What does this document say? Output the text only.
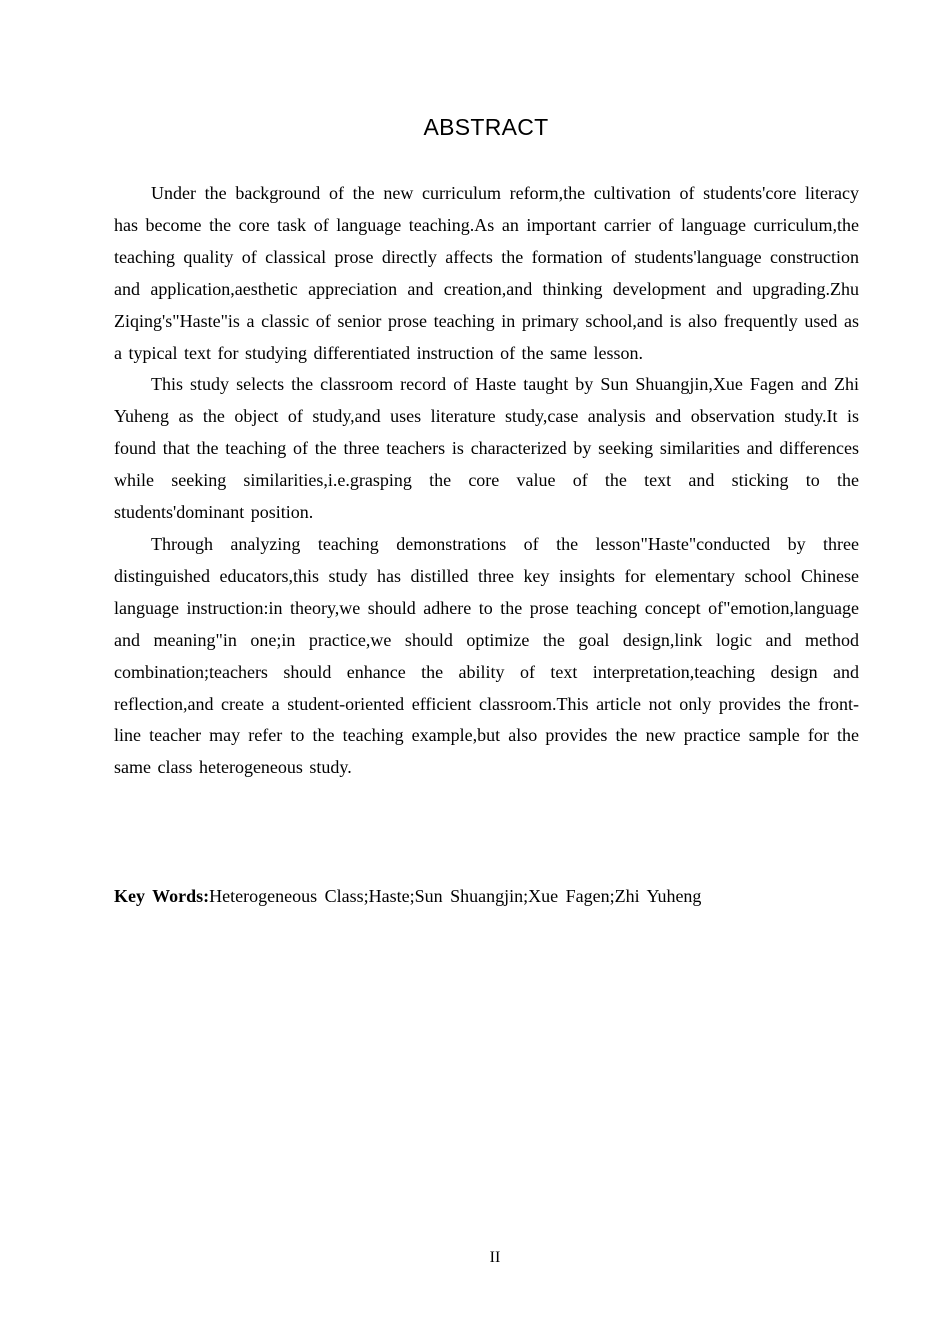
ABSTRACT

Under the background of the new curriculum reform,the cultivation of students'core literacy has become the core task of language teaching.As an important carrier of language curriculum,the teaching quality of classical prose directly affects the formation of students'language construction and application,aesthetic appreciation and creation,and thinking development and upgrading.Zhu Ziqing's"Haste"is a classic of senior prose teaching in primary school,and is also frequently used as a typical text for studying differentiated instruction of the same lesson.

This study selects the classroom record of Haste taught by Sun Shuangjin,Xue Fagen and Zhi Yuheng as the object of study,and uses literature study,case analysis and observation study.It is found that the teaching of the three teachers is characterized by seeking similarities and differences while seeking similarities,i.e.grasping the core value of the text and sticking to the students'dominant position.

Through analyzing teaching demonstrations of the lesson"Haste"conducted by three distinguished educators,this study has distilled three key insights for elementary school Chinese language instruction:in theory,we should adhere to the prose teaching concept of"emotion,language and meaning"in one;in practice,we should optimize the goal design,link logic and method combination;teachers should enhance the ability of text interpretation,teaching design and reflection,and create a student-oriented efficient classroom.This article not only provides the front-line teacher may refer to the teaching example,but also provides the new practice sample for the same class heterogeneous study.

Key Words:Heterogeneous Class;Haste;Sun Shuangjin;Xue Fagen;Zhi Yuheng
II
